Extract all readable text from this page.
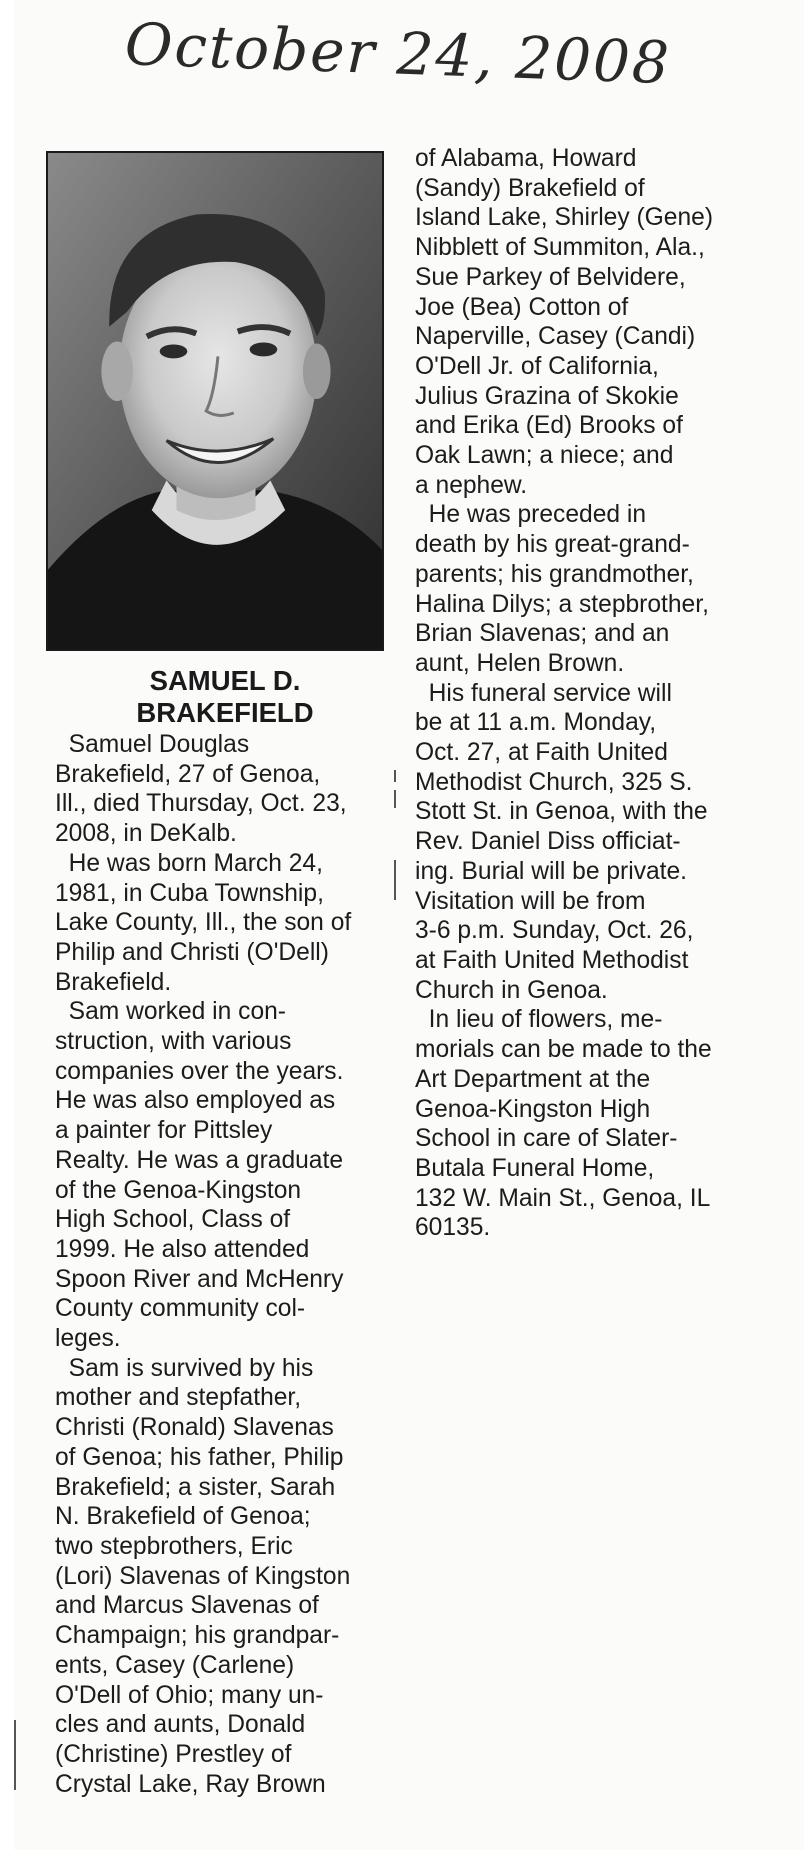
October 24, 2008

SAMUEL D.

BRAKEFIELD

Samuel Douglas
Brakefield, 27 of Genoa,
Ill., died Thursday, Oct. 23,
2008, in DeKalb.
He was born March 24,
1981, in Cuba Township,
Lake County, Ill., the son of
Philip and Christi (O'Dell)
Brakefield.
Sam worked in con-
struction, with various
companies over the years.
He was also employed as
a painter for Pittsley
Realty. He was a graduate
of the Genoa-Kingston
High School, Class of
1999. He also attended
Spoon River and McHenry
County community col-
leges.
Sam is survived by his
mother and stepfather,
Christi (Ronald) Slavenas
of Genoa; his father, Philip
Brakefield; a sister, Sarah
N. Brakefield of Genoa;
two stepbrothers, Eric
(Lori) Slavenas of Kingston
and Marcus Slavenas of
Champaign; his grandpar-
ents, Casey (Carlene)
O'Dell of Ohio; many un-
cles and aunts, Donald
(Christine) Prestley of
Crystal Lake, Ray Brown
of Alabama, Howard
(Sandy) Brakefield of
Island Lake, Shirley (Gene)
Nibblett of Summiton, Ala.,
Sue Parkey of Belvidere,
Joe (Bea) Cotton of
Naperville, Casey (Candi)
O'Dell Jr. of California,
Julius Grazina of Skokie
and Erika (Ed) Brooks of
Oak Lawn; a niece; and
a nephew.
He was preceded in
death by his great-grand-
parents; his grandmother,
Halina Dilys; a stepbrother,
Brian Slavenas; and an
aunt, Helen Brown.
His funeral service will
be at 11 a.m. Monday,
Oct. 27, at Faith United
Methodist Church, 325 S.
Stott St. in Genoa, with the
Rev. Daniel Diss officiat-
ing. Burial will be private.
Visitation will be from
3-6 p.m. Sunday, Oct. 26,
at Faith United Methodist
Church in Genoa.
In lieu of flowers, me-
morials can be made to the
Art Department at the
Genoa-Kingston High
School in care of Slater-
Butala Funeral Home,
132 W. Main St., Genoa, IL
60135.
